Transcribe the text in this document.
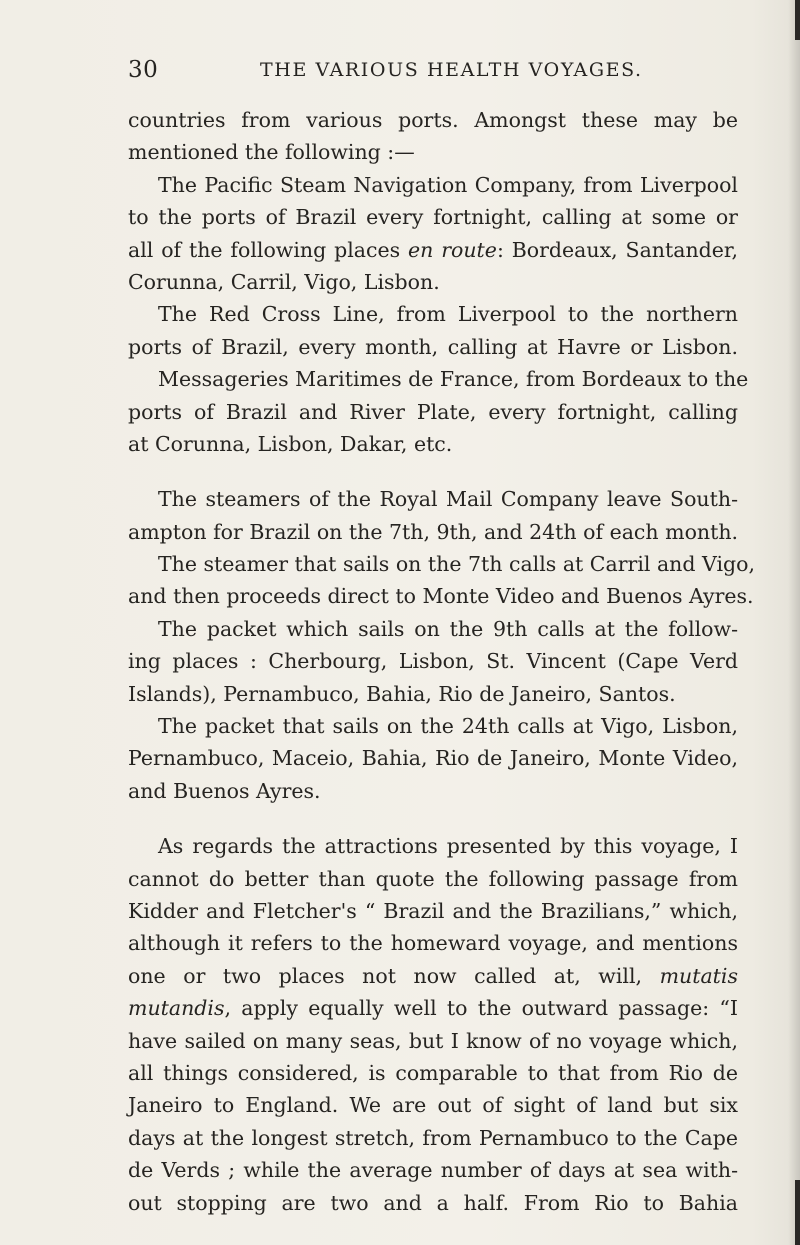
30	THE VARIOUS HEALTH VOYAGES.
countries from various ports. Amongst these may be
mentioned the following :—
The Pacific Steam Navigation Company, from Liverpool
to the ports of Brazil every fortnight, calling at some or
all of the following places en route: Bordeaux, Santander,
Corunna, Carril, Vigo, Lisbon.
The Red Cross Line, from Liverpool to the northern
ports of Brazil, every month, calling at Havre or Lisbon.
Messageries Maritimes de France, from Bordeaux to the
ports of Brazil and River Plate, every fortnight, calling
at Corunna, Lisbon, Dakar, etc.
The steamers of the Royal Mail Company leave South-
ampton for Brazil on the 7th, 9th, and 24th of each month.
The steamer that sails on the 7th calls at Carril and Vigo,
and then proceeds direct to Monte Video and Buenos Ayres.
The packet which sails on the 9th calls at the follow-
ing places : Cherbourg, Lisbon, St. Vincent (Cape Verd
Islands), Pernambuco, Bahia, Rio de Janeiro, Santos.
The packet that sails on the 24th calls at Vigo, Lisbon,
Pernambuco, Maceio, Bahia, Rio de Janeiro, Monte Video,
and Buenos Ayres.
As regards the attractions presented by this voyage, I
cannot do better than quote the following passage from
Kidder and Fletcher's “ Brazil and the Brazilians,” which,
although it refers to the homeward voyage, and mentions
one or two places not now called at, will, mutatis
mutandis, apply equally well to the outward passage: “I
have sailed on many seas, but I know of no voyage which,
all things considered, is comparable to that from Rio de
Janeiro to England. We are out of sight of land but six
days at the longest stretch, from Pernambuco to the Cape
de Verds ; while the average number of days at sea with-
out stopping are two and a half. From Rio to Bahia
